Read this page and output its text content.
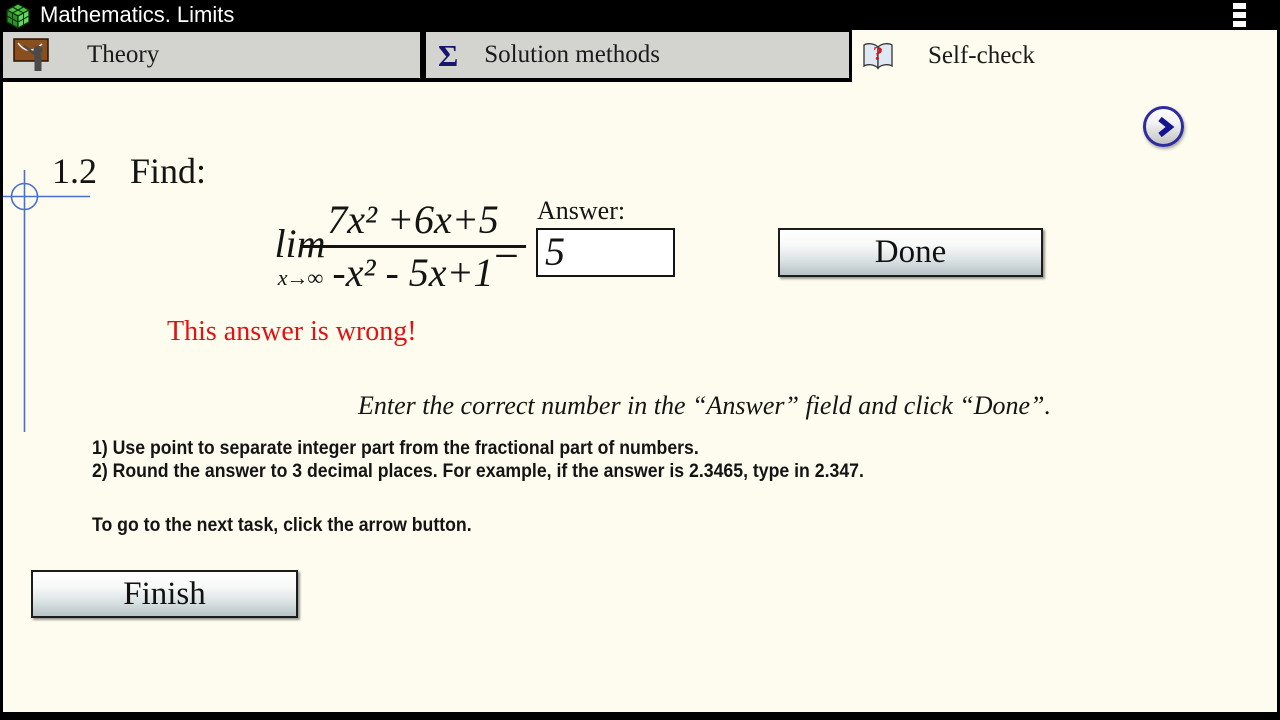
Mathematics. Limits
Theory	Σ Solution methods	? Self-check
1.2 Find:
lim
x→∞
7x² +6x+5
-x² - 5x+1 =
Answer:
5
Done
This answer is wrong!
Enter the correct number in the “Answer” field and click “Done”.
1) Use point to separate integer part from the fractional part of numbers.
2) Round the answer to 3 decimal places. For example, if the answer is 2.3465, type in 2.347.
To go to the next task, click the arrow button.
Finish
